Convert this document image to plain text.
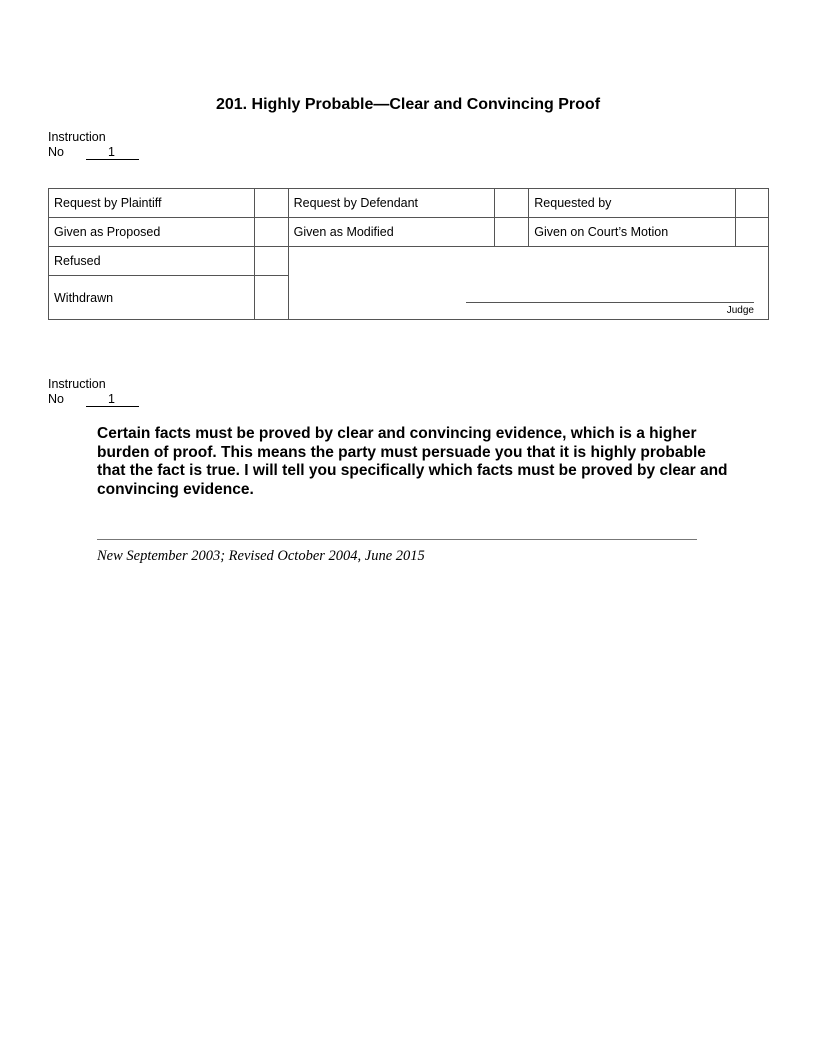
201. Highly Probable—Clear and Convincing Proof
Instruction
No	1
Request by Plaintiff		Request by Defendant		Requested by	
Given as Proposed		Given as Modified		Given on Court’s Motion	
Refused		Judge			

Withdrawn					
Instruction
No	1
Certain facts must be proved by clear and convincing evidence, which is a higher burden of proof. This means the party must persuade you that it is highly probable that the fact is true. I will tell you specifically which facts must be proved by clear and convincing evidence.
New September 2003; Revised October 2004, June 2015
